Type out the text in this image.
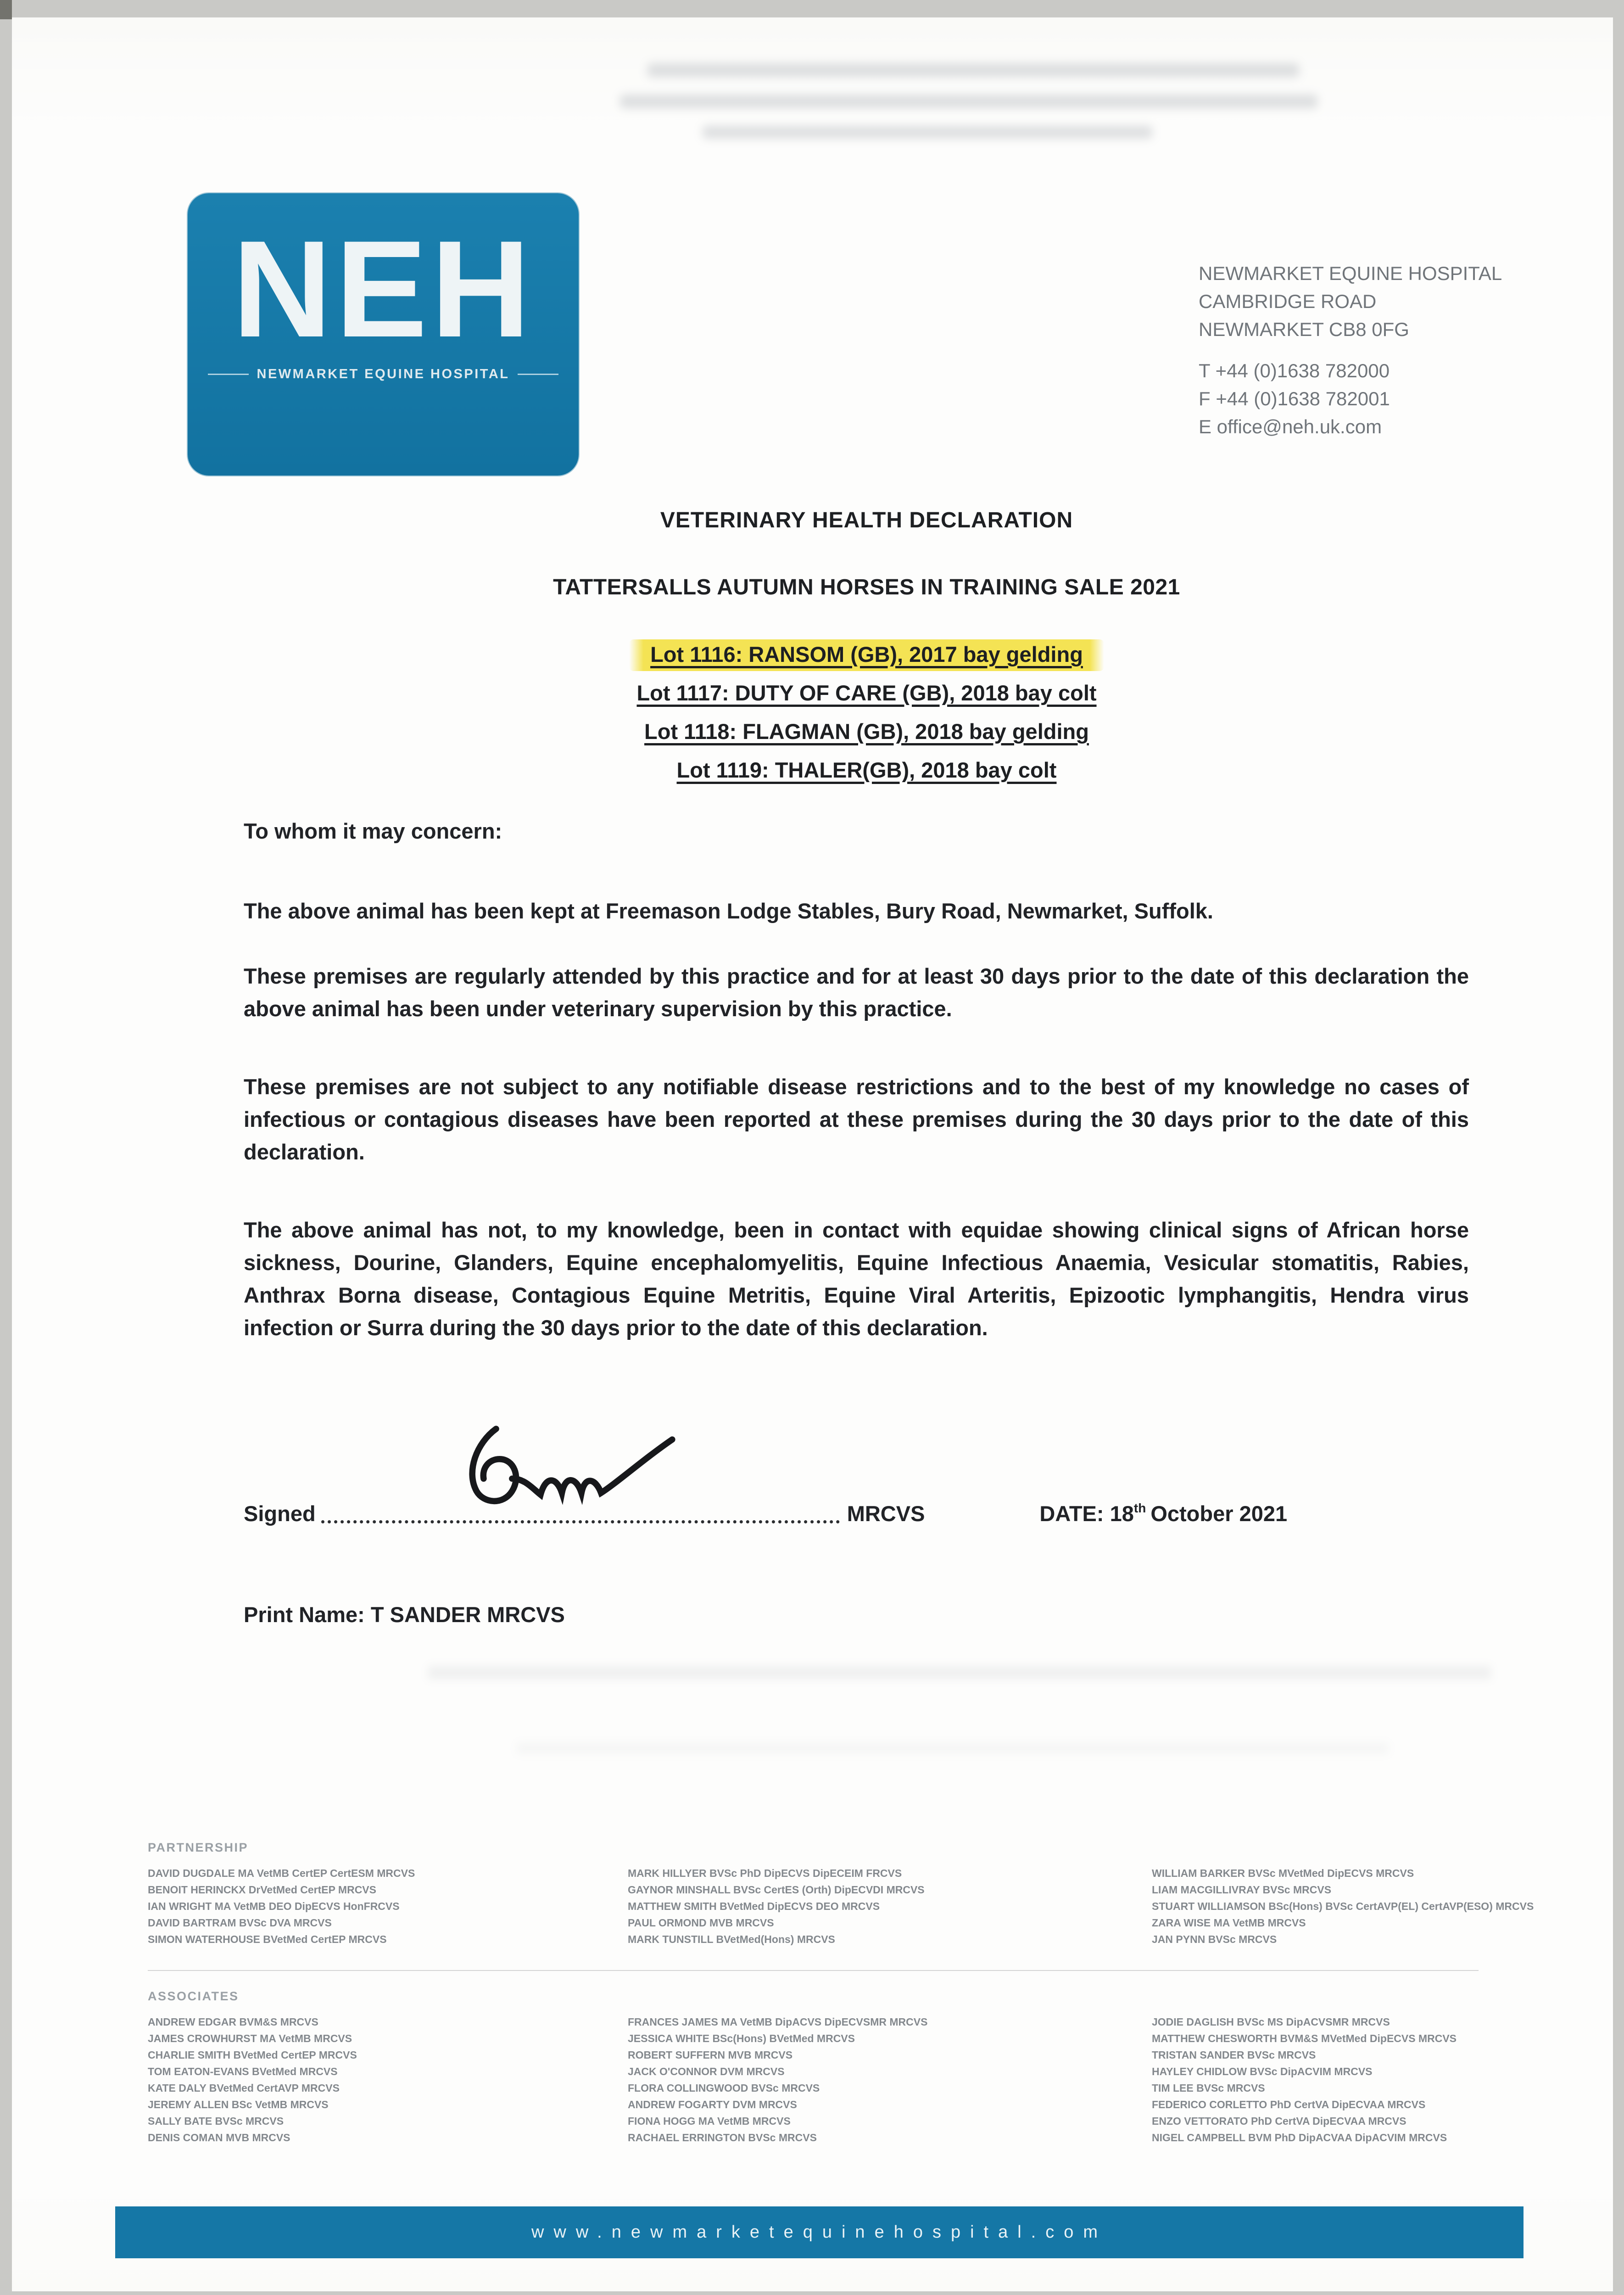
NEH
NEWMARKET EQUINE HOSPITAL
NEWMARKET EQUINE HOSPITAL
CAMBRIDGE ROAD
NEWMARKET CB8 0FG
T +44 (0)1638 782000
F +44 (0)1638 782001
E office@neh.uk.com
VETERINARY HEALTH DECLARATION
TATTERSALLS AUTUMN HORSES IN TRAINING SALE 2021
Lot 1116: RANSOM (GB), 2017 bay gelding
Lot 1117: DUTY OF CARE (GB), 2018 bay colt
Lot 1118: FLAGMAN (GB), 2018 bay gelding
Lot 1119: THALER(GB), 2018 bay colt

To whom it may concern:

The above animal has been kept at Freemason Lodge Stables, Bury Road, Newmarket, Suffolk.

These premises are regularly attended by this practice and for at least 30 days prior to the date of this declaration the above animal has been under veterinary supervision by this practice.

These premises are not subject to any notifiable disease restrictions and to the best of my knowledge no cases of infectious or contagious diseases have been reported at these premises during the 30 days prior to the date of this declaration.

The above animal has not, to my knowledge, been in contact with equidae showing clinical signs of African horse sickness, Dourine, Glanders, Equine encephalomyelitis, Equine Infectious Anaemia, Vesicular stomatitis, Rabies, Anthrax Borna disease, Contagious Equine Metritis, Equine Viral Arteritis, Epizootic lymphangitis, Hendra virus infection or Surra during the 30 days prior to the date of this declaration.

Signed	MRCVS	DATE: 18th October 2021
Print Name: T SANDER MRCVS
PARTNERSHIP
DAVID DUGDALE MA VetMB CertEP CertESM MRCVS
BENOIT HERINCKX DrVetMed CertEP MRCVS
IAN WRIGHT MA VetMB DEO DipECVS HonFRCVS
DAVID BARTRAM BVSc DVA MRCVS
SIMON WATERHOUSE BVetMed CertEP MRCVS
MARK HILLYER BVSc PhD DipECVS DipECEIM FRCVS
GAYNOR MINSHALL BVSc CertES (Orth) DipECVDI MRCVS
MATTHEW SMITH BVetMed DipECVS DEO MRCVS
PAUL ORMOND MVB MRCVS
MARK TUNSTILL BVetMed(Hons) MRCVS
WILLIAM BARKER BVSc MVetMed DipECVS MRCVS
LIAM MACGILLIVRAY BVSc MRCVS
STUART WILLIAMSON BSc(Hons) BVSc CertAVP(EL) CertAVP(ESO) MRCVS
ZARA WISE MA VetMB MRCVS
JAN PYNN BVSc MRCVS
ASSOCIATES
ANDREW EDGAR BVM&S MRCVS
JAMES CROWHURST MA VetMB MRCVS
CHARLIE SMITH BVetMed CertEP MRCVS
TOM EATON-EVANS BVetMed MRCVS
KATE DALY BVetMed CertAVP MRCVS
JEREMY ALLEN BSc VetMB MRCVS
SALLY BATE BVSc MRCVS
DENIS COMAN MVB MRCVS
FRANCES JAMES MA VetMB DipACVS DipECVSMR MRCVS
JESSICA WHITE BSc(Hons) BVetMed MRCVS
ROBERT SUFFERN MVB MRCVS
JACK O'CONNOR DVM MRCVS
FLORA COLLINGWOOD BVSc MRCVS
ANDREW FOGARTY DVM MRCVS
FIONA HOGG MA VetMB MRCVS
RACHAEL ERRINGTON BVSc MRCVS
JODIE DAGLISH BVSc MS DipACVSMR MRCVS
MATTHEW CHESWORTH BVM&S MVetMed DipECVS MRCVS
TRISTAN SANDER BVSc MRCVS
HAYLEY CHIDLOW BVSc DipACVIM MRCVS
TIM LEE BVSc MRCVS
FEDERICO CORLETTO PhD CertVA DipECVAA MRCVS
ENZO VETTORATO PhD CertVA DipECVAA MRCVS
NIGEL CAMPBELL BVM PhD DipACVAA DipACVIM MRCVS
www.newmarketequinehospital.com
